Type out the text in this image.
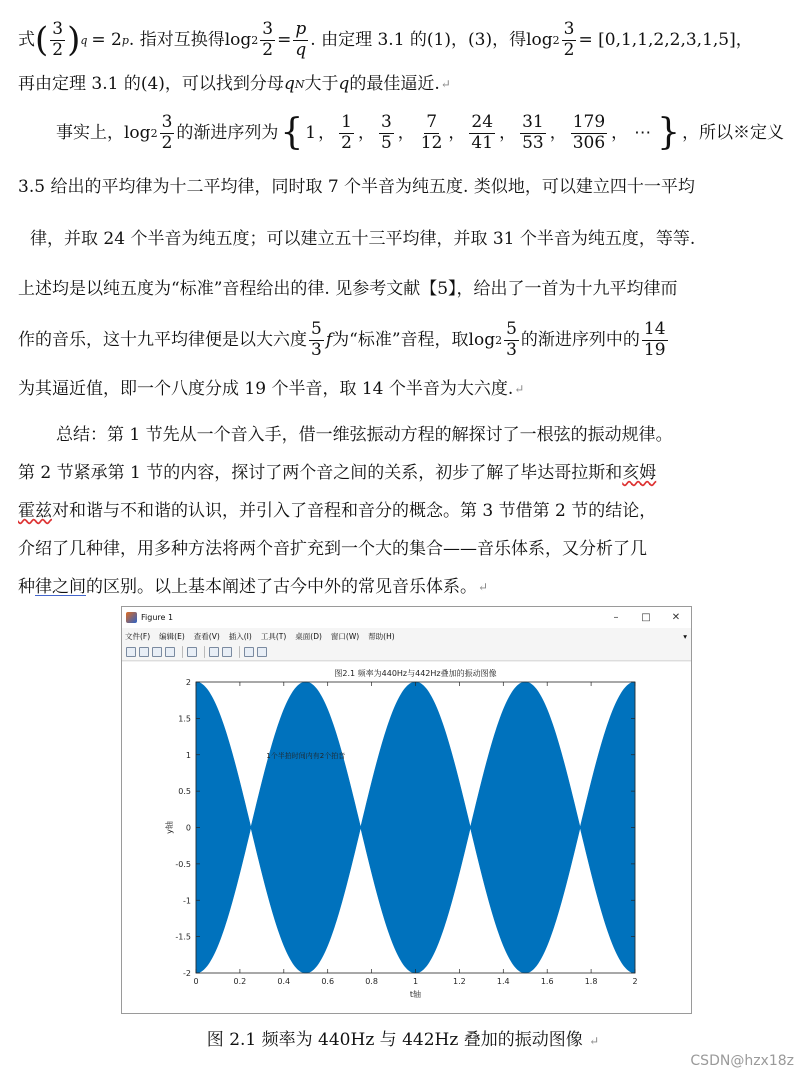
式 ( $\frac{3}{2}$ ) q = 2 p . 指对互换得 $\log 2 \frac{3}{2} = \frac{p}{q}$ . 由定理 3.1 的(1)，(3)，得 $\log 2 \frac{3}{2} = [0,1,1,2,2,3,1,5]$，
再由定理 3.1 的(4)，可以找到分母 q N 大于 q 的最佳逼近. ↵
事实上， $\log 2 \frac{3}{2}$ 的渐进序列为 { 1 ， $\frac{1}{2}$ ， $\frac{3}{5}$ ， $\frac{7}{12}$ ， $\frac{24}{41}$ ， $\frac{31}{53}$ ， $\frac{179}{306}$ ， ⋯ } ，所以※定义
3.5 给出的平均律为十二平均律，同时取 7 个半音为纯五度. 类似地，可以建立四十一平均
律，并取 24 个半音为纯五度；可以建立五十三平均律，并取 31 个半音为纯五度，等等.
上述均是以纯五度为“标准”音程给出的律. 见参考文献【5】，给出了一首为十九平均律而
作的音乐，这十九平均律便是以大六度 $\frac{5}{3}$ f 为“标准”音程，取 $\log 2 \frac{5}{3}$ 的渐进序列中的 $\frac{14}{19}$
为其逼近值，即一个八度分成 19 个半音，取 14 个半音为大六度. ↵
总结：第 1 节先从一个音入手，借一维弦振动方程的解探讨了一根弦的振动规律。
第 2 节紧承第 1 节的内容，探讨了两个音之间的关系，初步了解了毕达哥拉斯和 亥姆
霍兹 对和谐与不和谐的认识，并引入了音程和音分的概念。第 3 节借第 2 节的结论，
介绍了几种律，用多种方法将两个音扩充到一个大的集合——音乐体系，又分析了几
种 律之间 的区别。以上基本阐述了古今中外的常见音乐体系。 ↵
Figure 1	–	□	✕
文件(F) 编辑(E) 查看(V) 插入(I) 工具(T) 桌面(D) 窗口(W) 帮助(H)	▾
0	0.2	0.4	0.6	0.8	1	1.2	1.4	1.6	1.8	2
2
1.5
1
0.5
0
-0.5
-1
-1.5
-2
图2.1 频率为440Hz与442Hz叠加的振动图像
t轴
y轴
1个半拍时间内有2个拍音
图 2.1 频率为 440Hz 与 442Hz 叠加的振动图像 ↵
CSDN@hzx18z
